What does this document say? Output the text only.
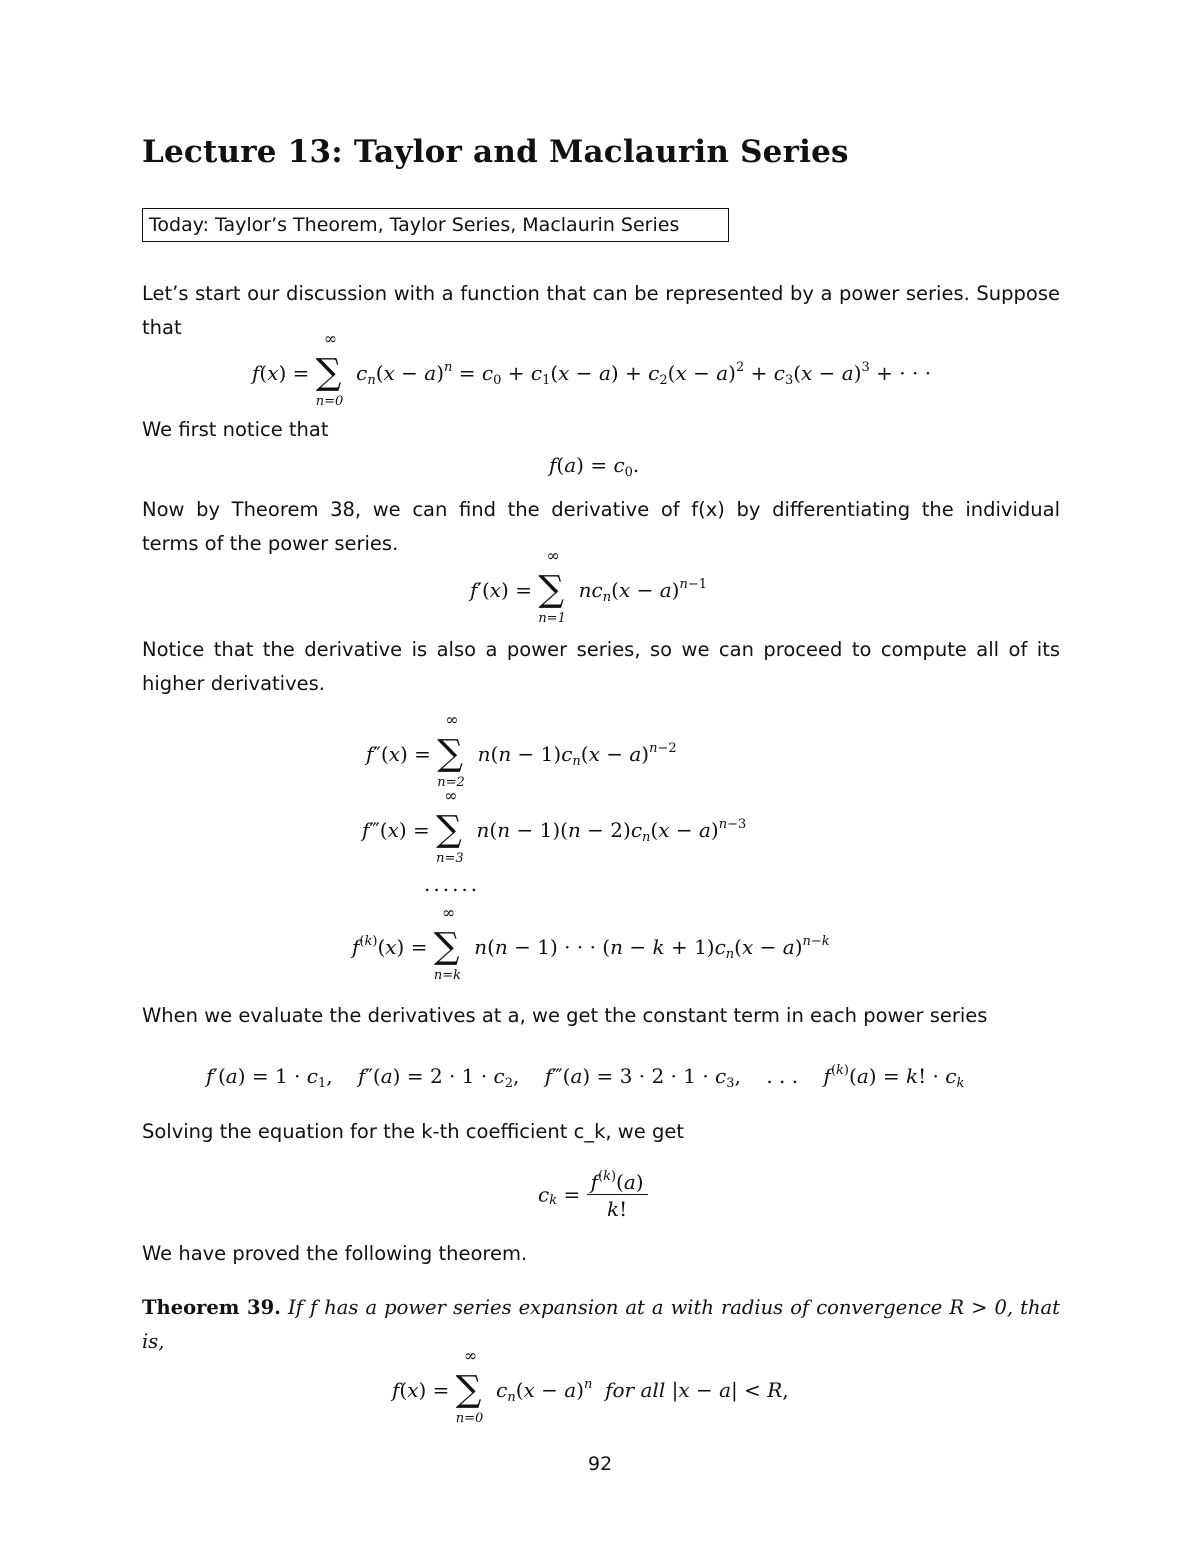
Lecture 13: Taylor and Maclaurin Series
Today: Taylor’s Theorem, Taylor Series, Maclaurin Series
Let’s start our discussion with a function that can be represented by a power series. Suppose
that
f(x) = ∑
∞
n=0
$c_n(x - a)^n = c_0 + c_1(x - a) + c_2(x - a)^2 + c_3(x - a)^3$ + · · ·
We first notice that
$f(a) = c_0$.
Now by Theorem 38, we can find the derivative of f(x) by differentiating the individual
terms of the power series.
f′(x) = ∑
∞
n=1
$nc_n(x - a)^{n-1}$
Notice that the derivative is also a power series, so we can proceed to compute all of its
higher derivatives.
f″(x) = ∑
∞
n=2
$n(n - 1)c_n(x - a)^{n-2}$
f‴(x) = ∑
∞
n=3
$n(n - 1)(n - 2)c_n(x - a)^{n-3}$
......
$f^{(k)}(x)$ = ∑
∞
n=k
n(n − 1) · · · $(n - k + 1)c_n(x - a)^{n-k}$
When we evaluate the derivatives at a, we get the constant term in each power series
$f'(a) = 1 \cdot c_1$,    $f''(a) = 2 \cdot 1 \cdot c_2$,    f‴(a) = $3 \cdot 2 \cdot 1 \cdot c_3$,    . . .    $f^{(k)}(a) = k$! · $c_k$
Solving the equation for the k-th coefficient c_k, we get
$c_k = \frac{f^{(k)}(a)}{k!}$
We have proved the following theorem.
Theorem 39. If f has a power series expansion at a with radius of convergence R > 0, that
is,
f(x) = ∑
∞
n=0
$c_n(x - a)^n$  for all |x − a| < R,
92
